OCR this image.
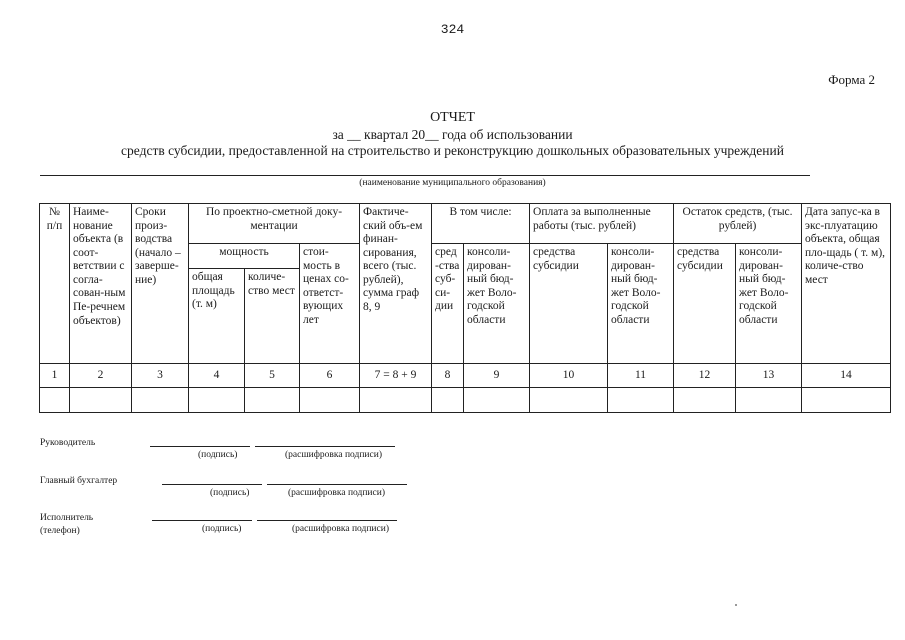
324
Форма 2
ОТЧЕТ
за __ квартал 20__ года об использовании
средств субсидии, предоставленной на строительство и реконструкцию дошкольных образовательных учреждений
(наименование муниципального образования)
№ п/п	Наиме-нование объекта (в соот-ветствии с согла-сован-ным Пе-речнем объектов)	Сроки произ-водства (начало – заверше-ние)	По проектно-сметной доку-ментации			Фактиче-ский объ-ем финан-сирования, всего (тыс. рублей), сумма граф 8, 9	В том числе:		Оплата за выполненные работы (тыс. рублей)		Остаток средств, (тыс. рублей)		Дата запус-ка в экс-плуатацию объекта, общая пло-щадь ( т. м), количе-ство мест
			мощность		стои-мость в ценах со-ответст-вующих лет		сред-ства суб-си-дии	консоли-дирован-ный бюд-жет Воло-годской области	средства субсидии	консоли-дирован-ный бюд-жет Воло-годской области	средства субсидии	консоли-дирован-ный бюд-жет Воло-годской области	
			общая площадь (т. м)	количе-ство мест									
1	2	3	4	5	6	7 = 8 + 9	8	9	10	11	12	13	14

Руководитель
(подпись)	(расшифровка подписи)
Главный бухгалтер
(подпись)	(расшифровка подписи)
Исполнитель
(телефон)	(подпись)	(расшифровка подписи)
